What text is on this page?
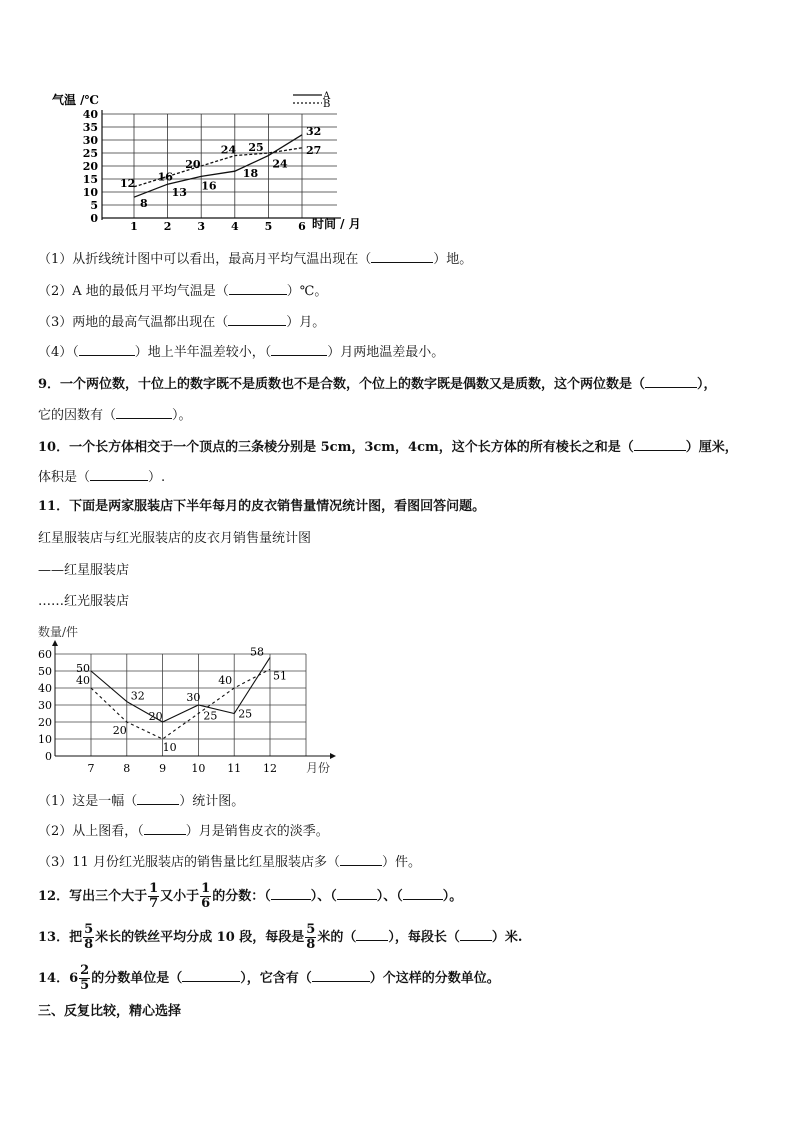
气温 /℃
0
5
10
15
20
25
30
35
40
1 2 3 4 5 6 时间 / 月
A
B
8
13
16
18
24
32
12 16
20
24 25	27
（1）从折线统计图中可以看出，最高月平均气温出现在（	）地。
（2）A 地的最低月平均气温是（	）℃。
（3）两地的最高气温都出现在（	）月。
（4）（	）地上半年温差较小，（	）月两地温差最小。
9．一个两位数，十位上的数字既不是质数也不是合数，个位上的数字既是偶数又是质数，这个两位数是（	），
它的因数有（	）。
10．一个长方体相交于一个顶点的三条棱分别是 5cm，3cm，4cm，这个长方体的所有棱长之和是（	）厘米，
体积是（	）.
11．下面是两家服装店下半年每月的皮衣销售量情况统计图，看图回答问题。
红星服装店与红光服装店的皮衣月销售量统计图
——红星服装店
……红光服装店
数量/件
0
10
20
30
40
50
60
7	8	9 10 11 12 月份
50
32
20
30
25
58
40
20
10
25
40	51
（1）这是一幅（	）统计图。
（2）从上图看，（	）月是销售皮衣的淡季。
（3）11 月份红光服装店的销售量比红星服装店多（	）件。
12．写出三个大于 $\frac{1}{7}$ 又小于 $\frac{1}{6}$ 的分数：（	）、（	）、（	）。
13．把 $\frac{5}{8}$ 米长的铁丝平均分成 10 段，每段是 $\frac{5}{8}$ 米的（ ），每段长（ ）米.
14．$6 \frac{2}{5}$ 的分数单位是（	），它含有（	）个这样的分数单位。
三、反复比较，精心选择
